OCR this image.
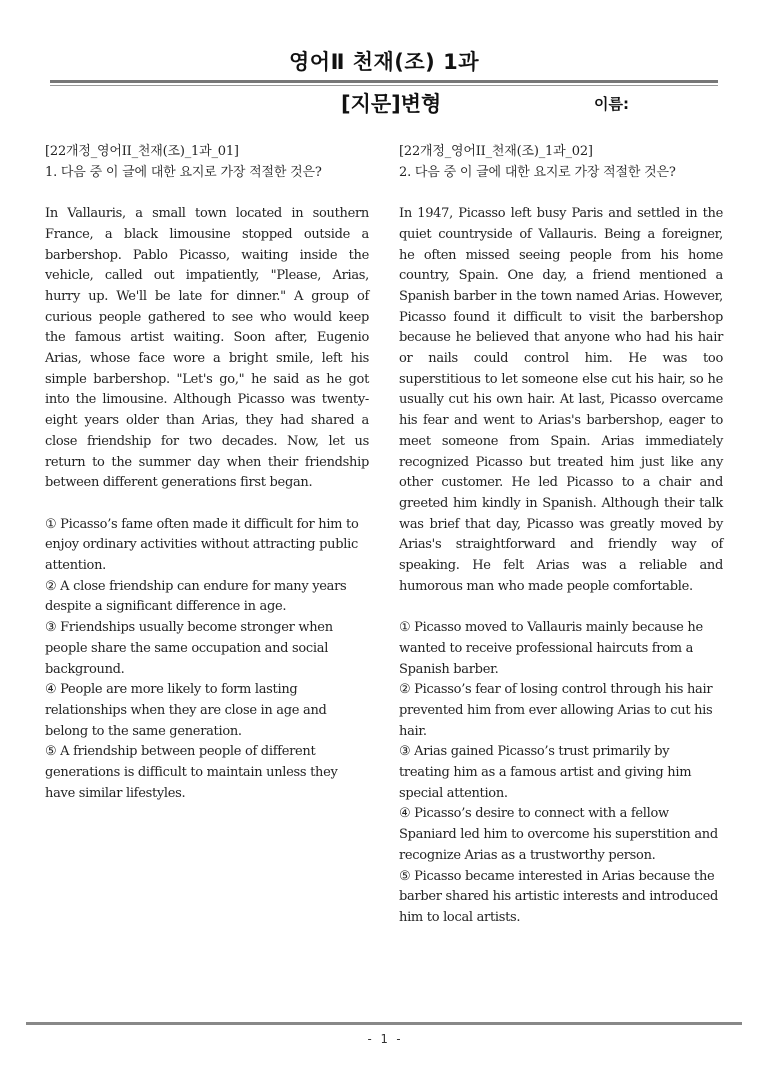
영어Ⅱ 천재(조) 1과
[지문]변형	이름:
[22개정_영어II_천재(조)_1과_01]
1. 다음 중 이 글에 대한 요지로 가장 적절한 것은?
In Vallauris, a small town located in southern France, a black limousine stopped outside a barbershop. Pablo Picasso, waiting inside the vehicle, called out impatiently, "Please, Arias, hurry up. We'll be late for dinner." A group of curious people gathered to see who would keep the famous artist waiting. Soon after, Eugenio Arias, whose face wore a bright smile, left his simple barbershop. "Let's go," he said as he got into the limousine. Although Picasso was twenty-eight years older than Arias, they had shared a close friendship for two decades. Now, let us return to the summer day when their friendship between different generations first began.
① Picasso’s fame often made it difficult for him to enjoy ordinary activities without attracting public attention.
② A close friendship can endure for many years despite a significant difference in age.
③ Friendships usually become stronger when people share the same occupation and social background.
④ People are more likely to form lasting relationships when they are close in age and belong to the same generation.
⑤ A friendship between people of different generations is difficult to maintain unless they have similar lifestyles.
[22개정_영어II_천재(조)_1과_02]
2. 다음 중 이 글에 대한 요지로 가장 적절한 것은?
In 1947, Picasso left busy Paris and settled in the quiet countryside of Vallauris. Being a foreigner, he often missed seeing people from his home country, Spain. One day, a friend mentioned a Spanish barber in the town named Arias. However, Picasso found it difficult to visit the barbershop because he believed that anyone who had his hair or nails could control him. He was too superstitious to let someone else cut his hair, so he usually cut his own hair. At last, Picasso overcame his fear and went to Arias's barbershop, eager to meet someone from Spain. Arias immediately recognized Picasso but treated him just like any other customer. He led Picasso to a chair and greeted him kindly in Spanish. Although their talk was brief that day, Picasso was greatly moved by Arias's straightforward and friendly way of speaking. He felt Arias was a reliable and humorous man who made people comfortable.
① Picasso moved to Vallauris mainly because he wanted to receive professional haircuts from a Spanish barber.
② Picasso’s fear of losing control through his hair prevented him from ever allowing Arias to cut his hair.
③ Arias gained Picasso’s trust primarily by treating him as a famous artist and giving him special attention.
④ Picasso’s desire to connect with a fellow Spaniard led him to overcome his superstition and recognize Arias as a trustworthy person.
⑤ Picasso became interested in Arias because the barber shared his artistic interests and introduced him to local artists.
- 1 -
